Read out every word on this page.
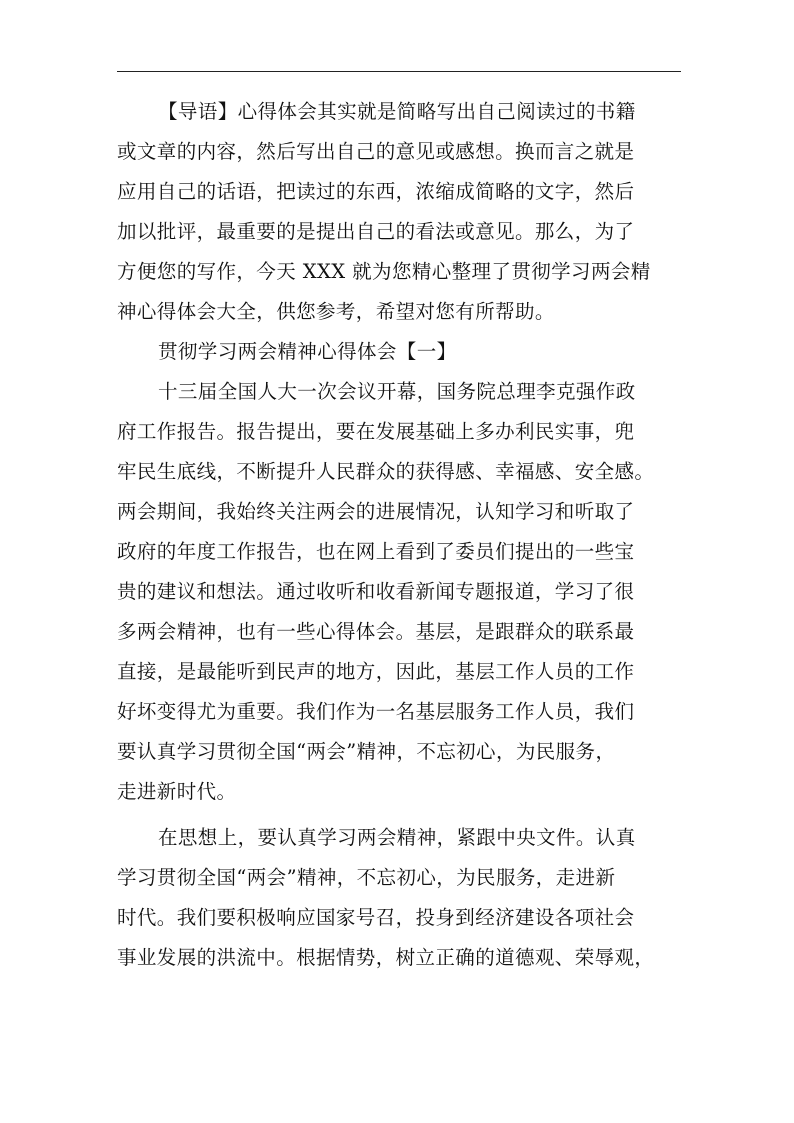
【导语】心得体会其实就是简略写出自己阅读过的书籍
或文章的内容，然后写出自己的意见或感想。换而言之就是
应用自己的话语，把读过的东西，浓缩成简略的文字，然后
加以批评，最重要的是提出自己的看法或意见。那么，为了
方便您的写作，今天 XXX 就为您精心整理了贯彻学习两会精
神心得体会大全，供您参考，希望对您有所帮助。
贯彻学习两会精神心得体会【一】
十三届全国人大一次会议开幕，国务院总理李克强作政
府工作报告。报告提出，要在发展基础上多办利民实事，兜
牢民生底线，不断提升人民群众的获得感、幸福感、安全感。
两会期间，我始终关注两会的进展情况，认知学习和听取了
政府的年度工作报告，也在网上看到了委员们提出的一些宝
贵的建议和想法。通过收听和收看新闻专题报道，学习了很
多两会精神，也有一些心得体会。基层，是跟群众的联系最
直接，是最能听到民声的地方，因此，基层工作人员的工作
好坏变得尤为重要。我们作为一名基层服务工作人员，我们
要认真学习贯彻全国“两会”精神，不忘初心，为民服务，
走进新时代。
在思想上，要认真学习两会精神，紧跟中央文件。认真
学习贯彻全国“两会”精神，不忘初心，为民服务，走进新
时代。我们要积极响应国家号召，投身到经济建设各项社会
事业发展的洪流中。根据情势，树立正确的道德观、荣辱观，
